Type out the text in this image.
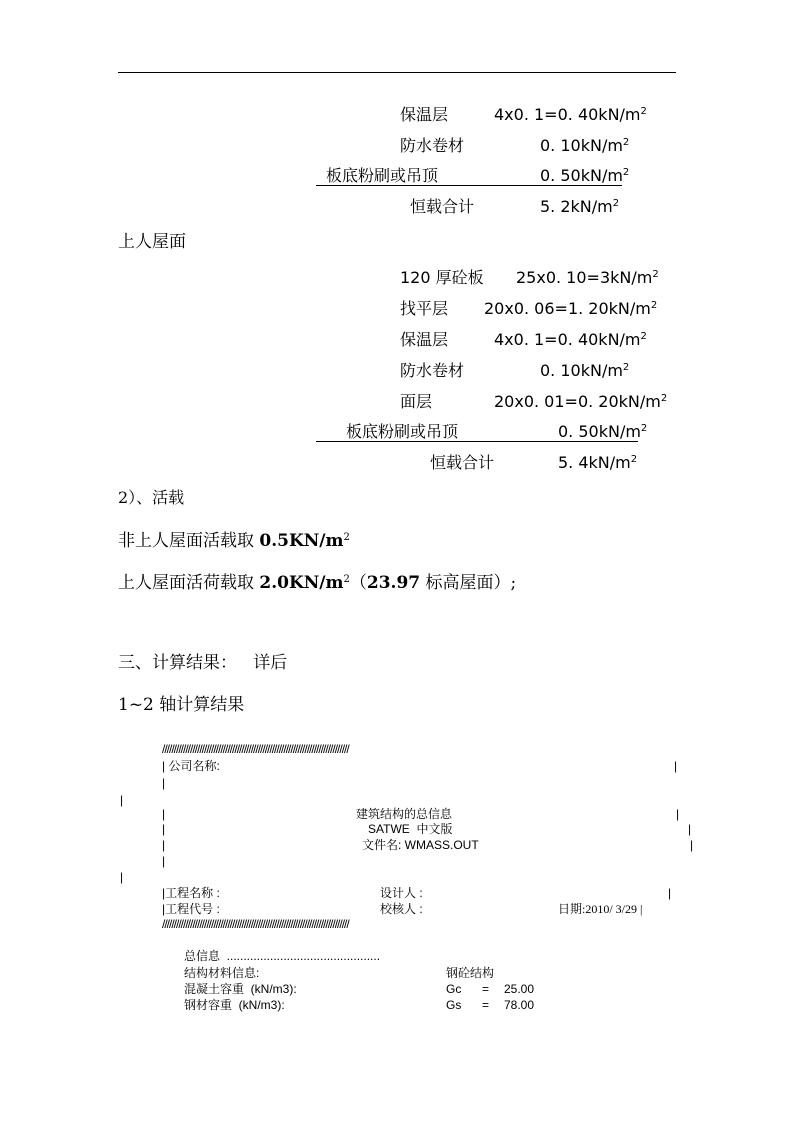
保温层	4x0. 1=0. $40kN/m^2$
防水卷材	0. $10kN/m^2$
板底粉刷或吊顶	0. $50kN/m^2$
恒载合计	5. $2kN/m^2$
上人屋面
120 厚砼板 25x0. $10=3kN/m^2$
找平层 20x0. 06=1. $20kN/m^2$
保温层	4x0. 1=0. $40kN/m^2$
防水卷材	0. $10kN/m^2$
面层	20x0. 01=0. $20kN/m^2$
板底粉刷或吊顶	0. $50kN/m^2$
恒载合计	5. $4kN/m^2$
2）、活载
非上人屋面活载取 $0.5KN/m^2$
上人屋面活荷载取 $2.0KN/m^2(23.97$ 标高屋面）;
三、计算结果：   详后
1~2 轴计算结果
////////////////////////////////////////////////////////////////////////////////
| 公司名称:	|
|
|
|	建筑结构的总信息	|
|	SATWE  中文版	|
|	文件名: WMASS.OUT	|
|
|
|工程名称 :	设计人 :	|
|工程代号 :	校核人 :	日期:2010/ 3/29 |
////////////////////////////////////////////////////////////////////////////////
总信息  ..............................................
结构材料信息:	钢砼结构
混凝土容重  (kN/m3):	Gc = 25.00
钢材容重  (kN/m3):	Gs = 78.00
